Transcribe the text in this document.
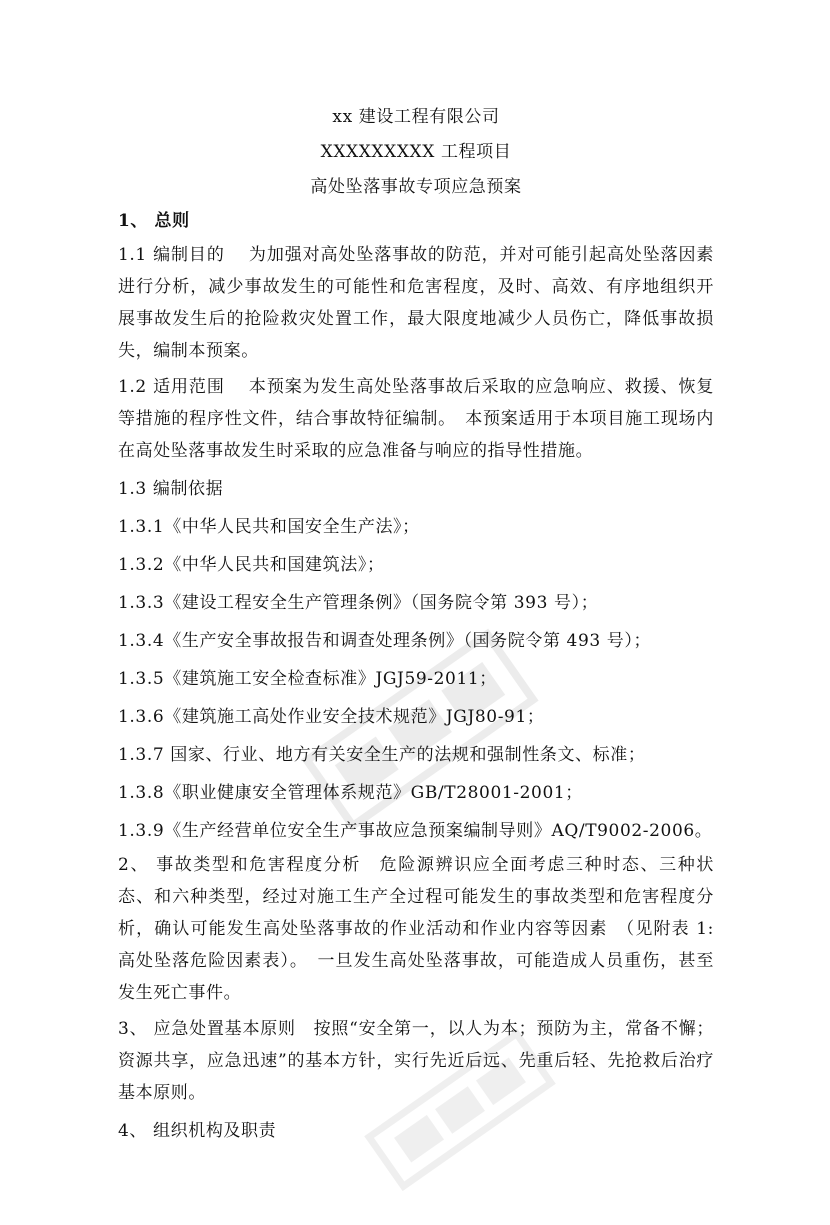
xx 建设工程有限公司
XXXXXXXXX 工程项目
高处坠落事故专项应急预案

1、 总则

1.1 编制目的　 为加强对高处坠落事故的防范，并对可能引起高处坠落因素进行分析，减少事故发生的可能性和危害程度，及时、高效、有序地组织开展事故发生后的抢险救灾处置工作，最大限度地减少人员伤亡，降低事故损失，编制本预案。

1.2 适用范围　 本预案为发生高处坠落事故后采取的应急响应、救援、恢复等措施的程序性文件，结合事故特征编制。　本预案适用于本项目施工现场内在高处坠落事故发生时采取的应急准备与响应的指导性措施。

1.3 编制依据

1.3.1《中华人民共和国安全生产法》；

1.3.2《中华人民共和国建筑法》；

1.3.3《建设工程安全生产管理条例》（国务院令第 393 号）；

1.3.4《生产安全事故报告和调查处理条例》（国务院令第 493 号）；

1.3.5《建筑施工安全检查标准》JGJ59-2011；

1.3.6《建筑施工高处作业安全技术规范》JGJ80-91；

1.3.7 国家、行业、地方有关安全生产的法规和强制性条文、标准；

1.3.8《职业健康安全管理体系规范》GB/T28001-2001；

1.3.9《生产经营单位安全生产事故应急预案编制导则》AQ/T9002-2006。

2、 事故类型和危害程度分析　危险源辨识应全面考虑三种时态、三种状态、和六种类型，经过对施工生产全过程可能发生的事故类型和危害程度分析，确认可能发生高处坠落事故的作业活动和作业内容等因素　（见附表 1:高处坠落危险因素表）。　一旦发生高处坠落事故，可能造成人员重伤，甚至发生死亡事件。

3、 应急处置基本原则　按照“安全第一，以人为本；预防为主，常备不懈；资源共享，应急迅速”的基本方针，实行先近后远、先重后轻、先抢救后治疗基本原则。

4、 组织机构及职责
